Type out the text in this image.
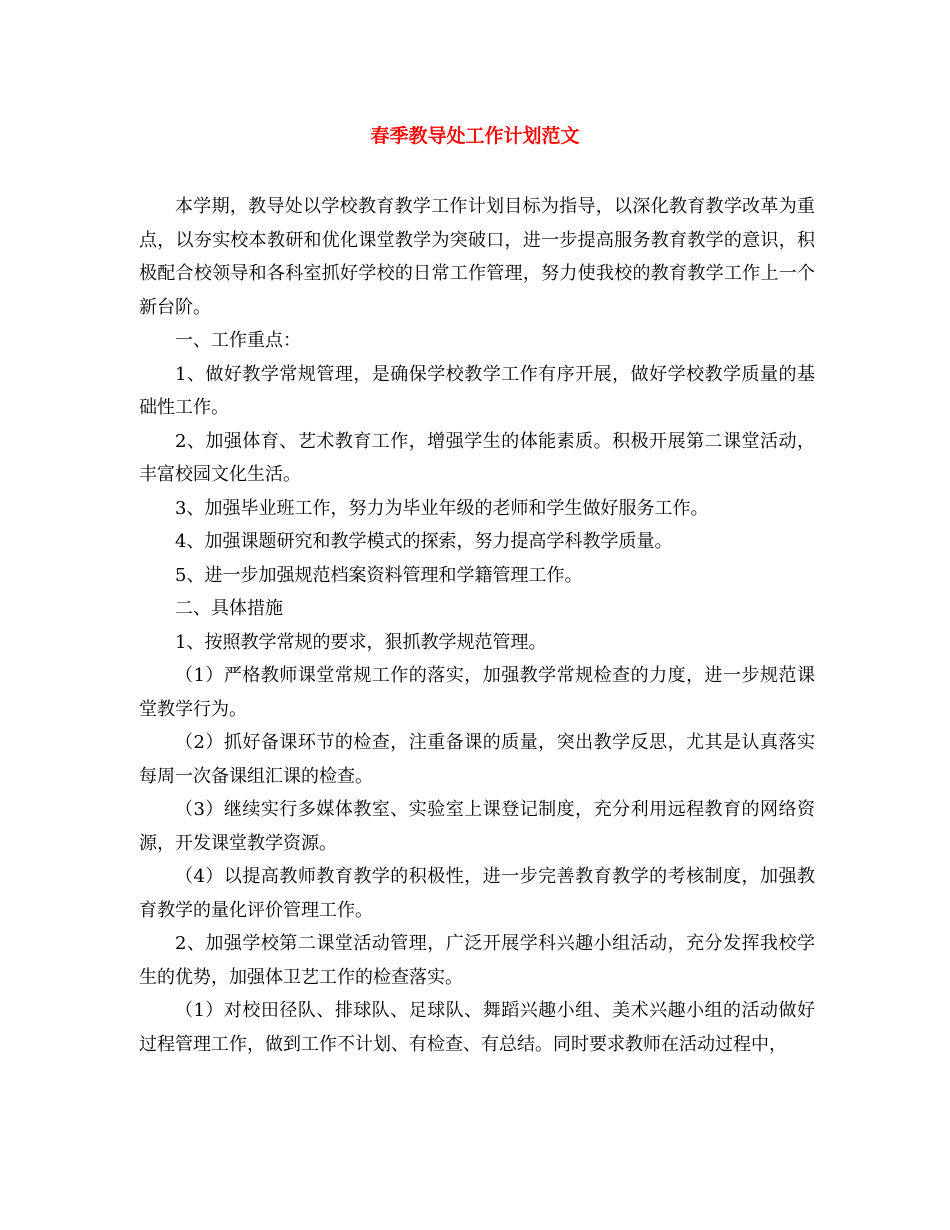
春季教导处工作计划范文

本学期，教导处以学校教育教学工作计划目标为指导，以深化教育教学改革为重点，以夯实校本教研和优化课堂教学为突破口，进一步提高服务教育教学的意识，积极配合校领导和各科室抓好学校的日常工作管理，努力使我校的教育教学工作上一个新台阶。

一、工作重点：

1、做好教学常规管理，是确保学校教学工作有序开展，做好学校教学质量的基础性工作。

2、加强体育、艺术教育工作，增强学生的体能素质。积极开展第二课堂活动，丰富校园文化生活。

3、加强毕业班工作，努力为毕业年级的老师和学生做好服务工作。

4、加强课题研究和教学模式的探索，努力提高学科教学质量。

5、进一步加强规范档案资料管理和学籍管理工作。

二、具体措施

1、按照教学常规的要求，狠抓教学规范管理。

（1）严格教师课堂常规工作的落实，加强教学常规检查的力度，进一步规范课堂教学行为。

（2）抓好备课环节的检查，注重备课的质量，突出教学反思，尤其是认真落实每周一次备课组汇课的检查。

（3）继续实行多媒体教室、实验室上课登记制度，充分利用远程教育的网络资源，开发课堂教学资源。

（4）以提高教师教育教学的积极性，进一步完善教育教学的考核制度，加强教育教学的量化评价管理工作。

2、加强学校第二课堂活动管理，广泛开展学科兴趣小组活动，充分发挥我校学生的优势，加强体卫艺工作的检查落实。

（1）对校田径队、排球队、足球队、舞蹈兴趣小组、美术兴趣小组的活动做好过程管理工作，做到工作不计划、有检查、有总结。同时要求教师在活动过程中，
